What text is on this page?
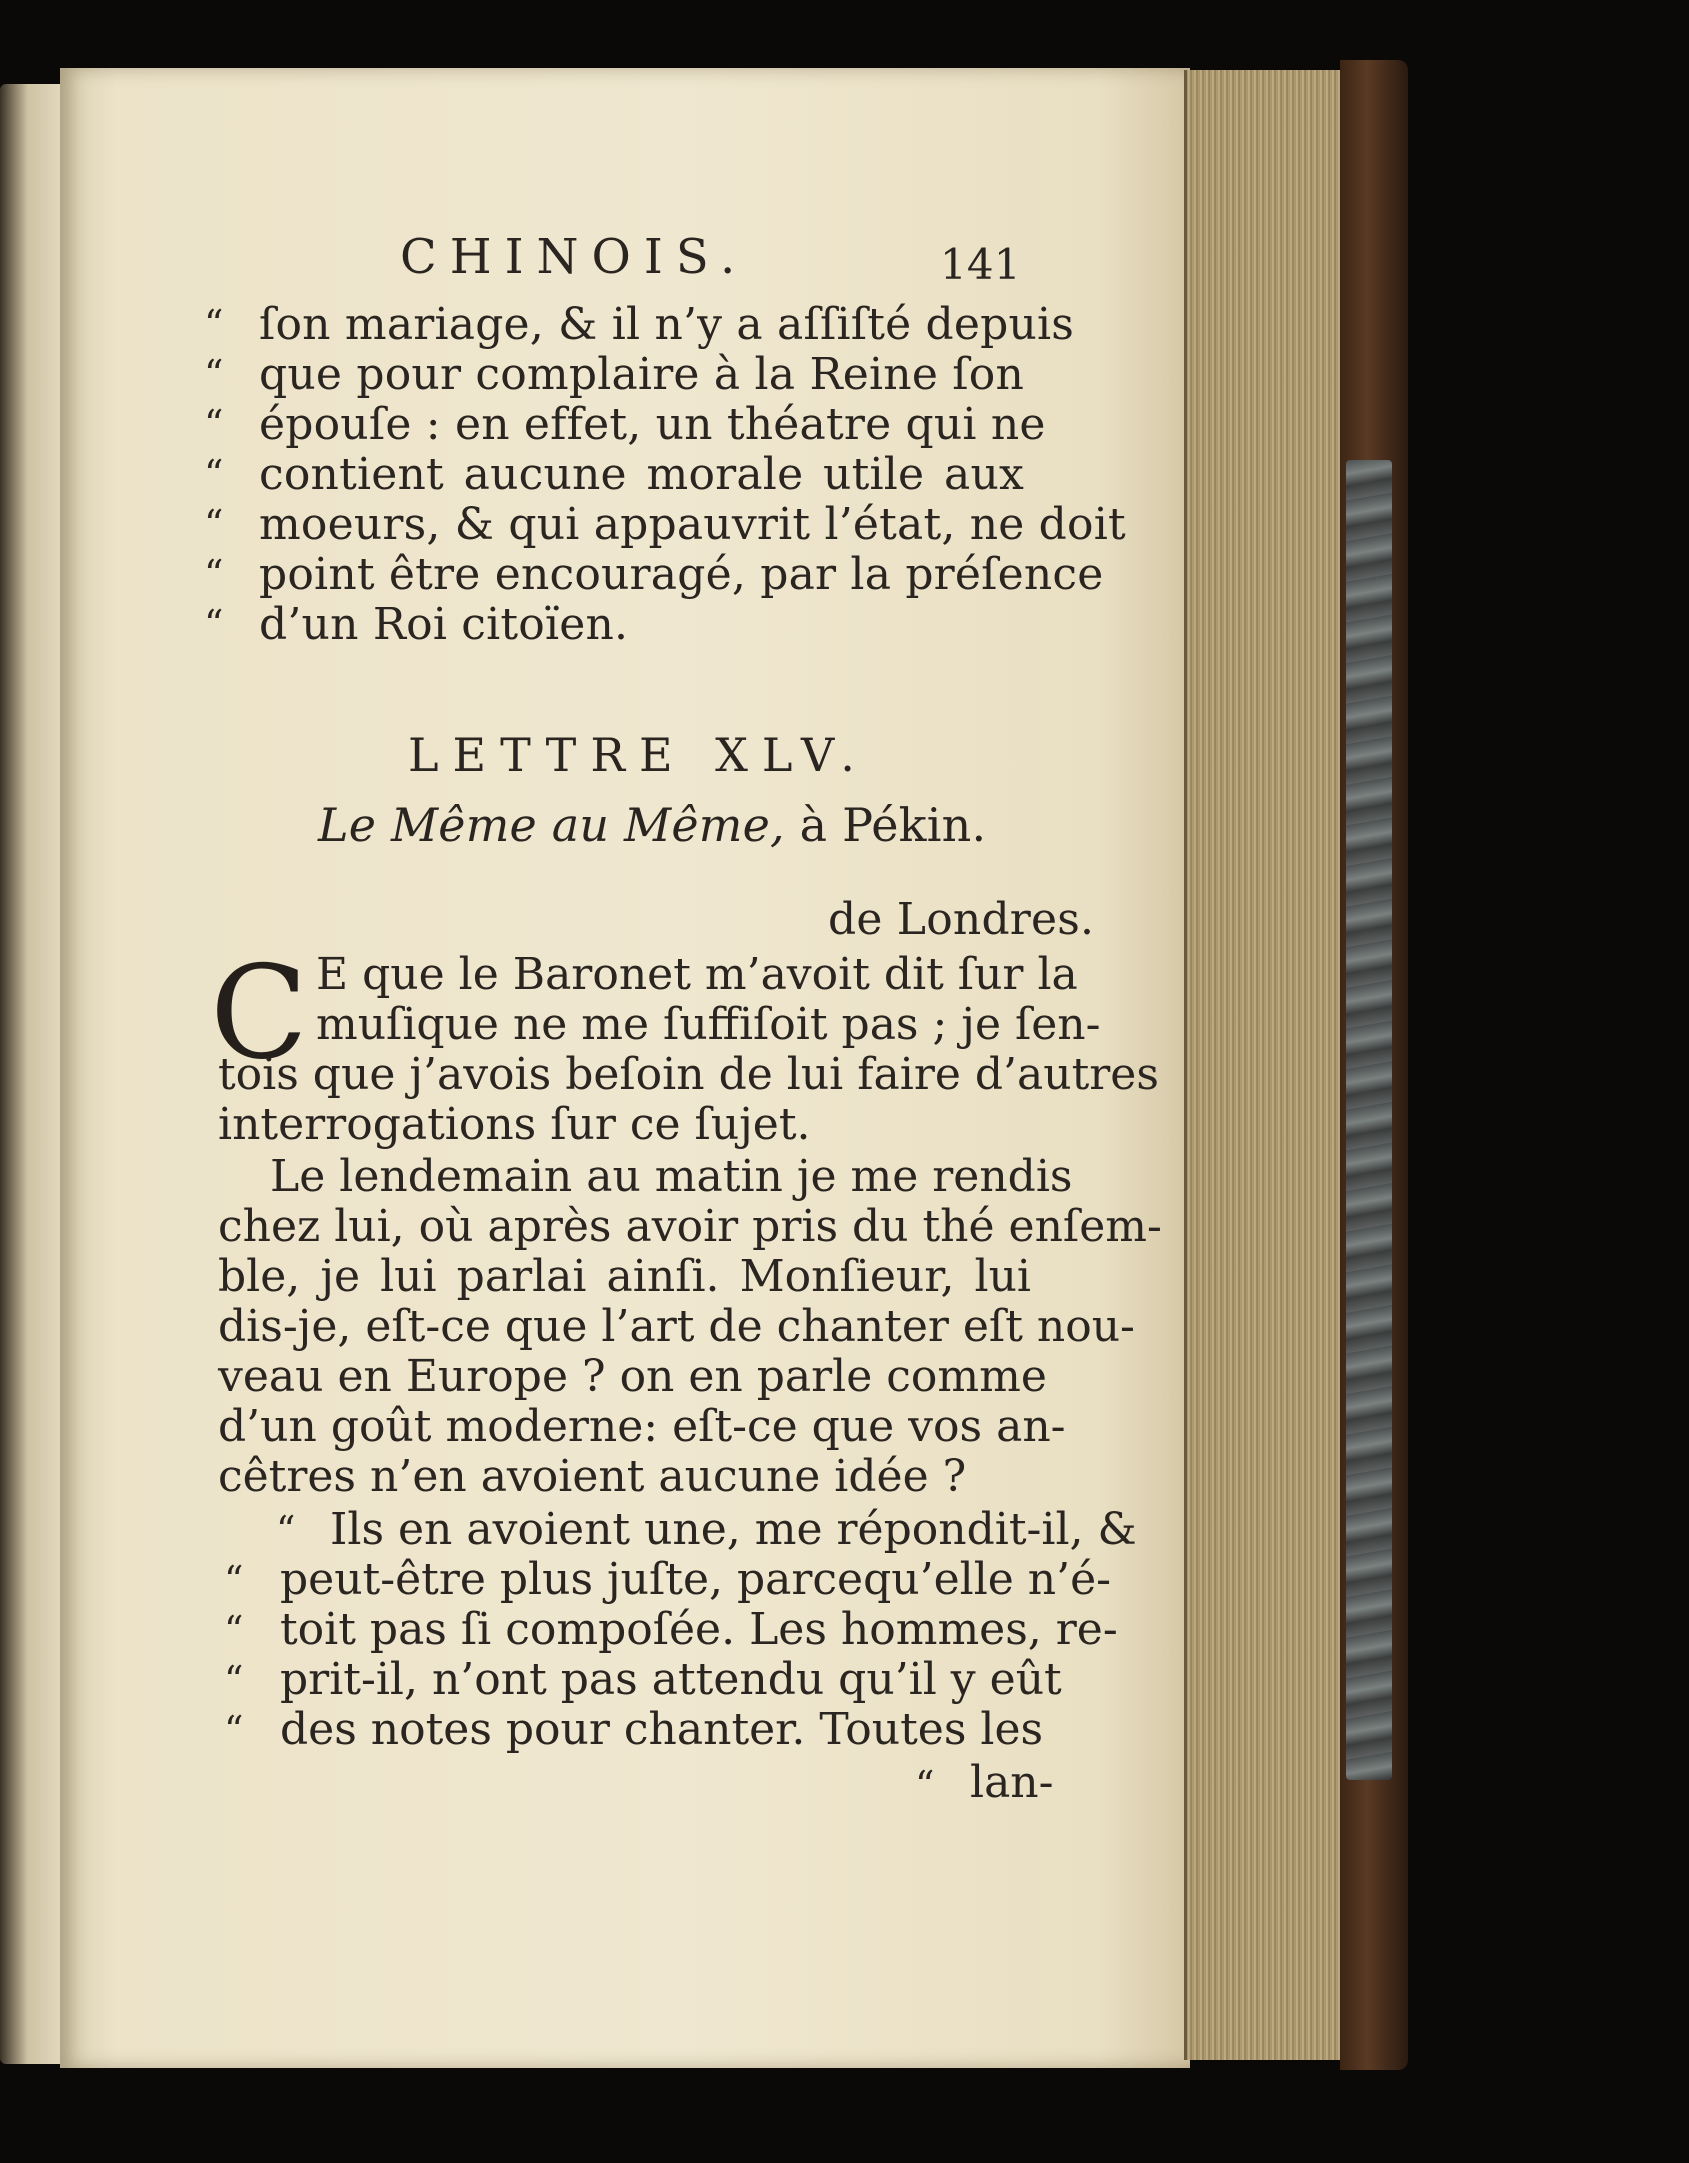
CHINOIS.	141
“ ſon mariage, & il n’y a aſſiſté depuis
“ que pour complaire à la Reine ſon
“ épouſe : en effet, un théatre qui ne
“ contient aucune morale utile aux
“ moeurs, & qui appauvrit l’état, ne doit
“ point être encouragé, par la préſence
“ d’un Roi citoïen.
LETTRE XLV.
Le Même au Même, à Pékin.
de Londres.
C E que le Baronet m’avoit dit ſur la
muſique ne me ſuffiſoit pas ; je ſen-
tois que j’avois beſoin de lui faire d’autres
interrogations ſur ce ſujet.
Le lendemain au matin je me rendis
chez lui, où après avoir pris du thé enſem-
ble, je lui parlai ainſi. Monſieur, lui
dis-je, eſt-ce que l’art de chanter eſt nou-
veau en Europe ? on en parle comme
d’un goût moderne: eſt-ce que vos an-
cêtres n’en avoient aucune idée ?
“ Ils en avoient une, me répondit-il, &
“ peut-être plus juſte, parcequ’elle n’é-
“ toit pas ſi compoſée. Les hommes, re-
“ prit-il, n’ont pas attendu qu’il y eût
“ des notes pour chanter. Toutes les
“ lan-
